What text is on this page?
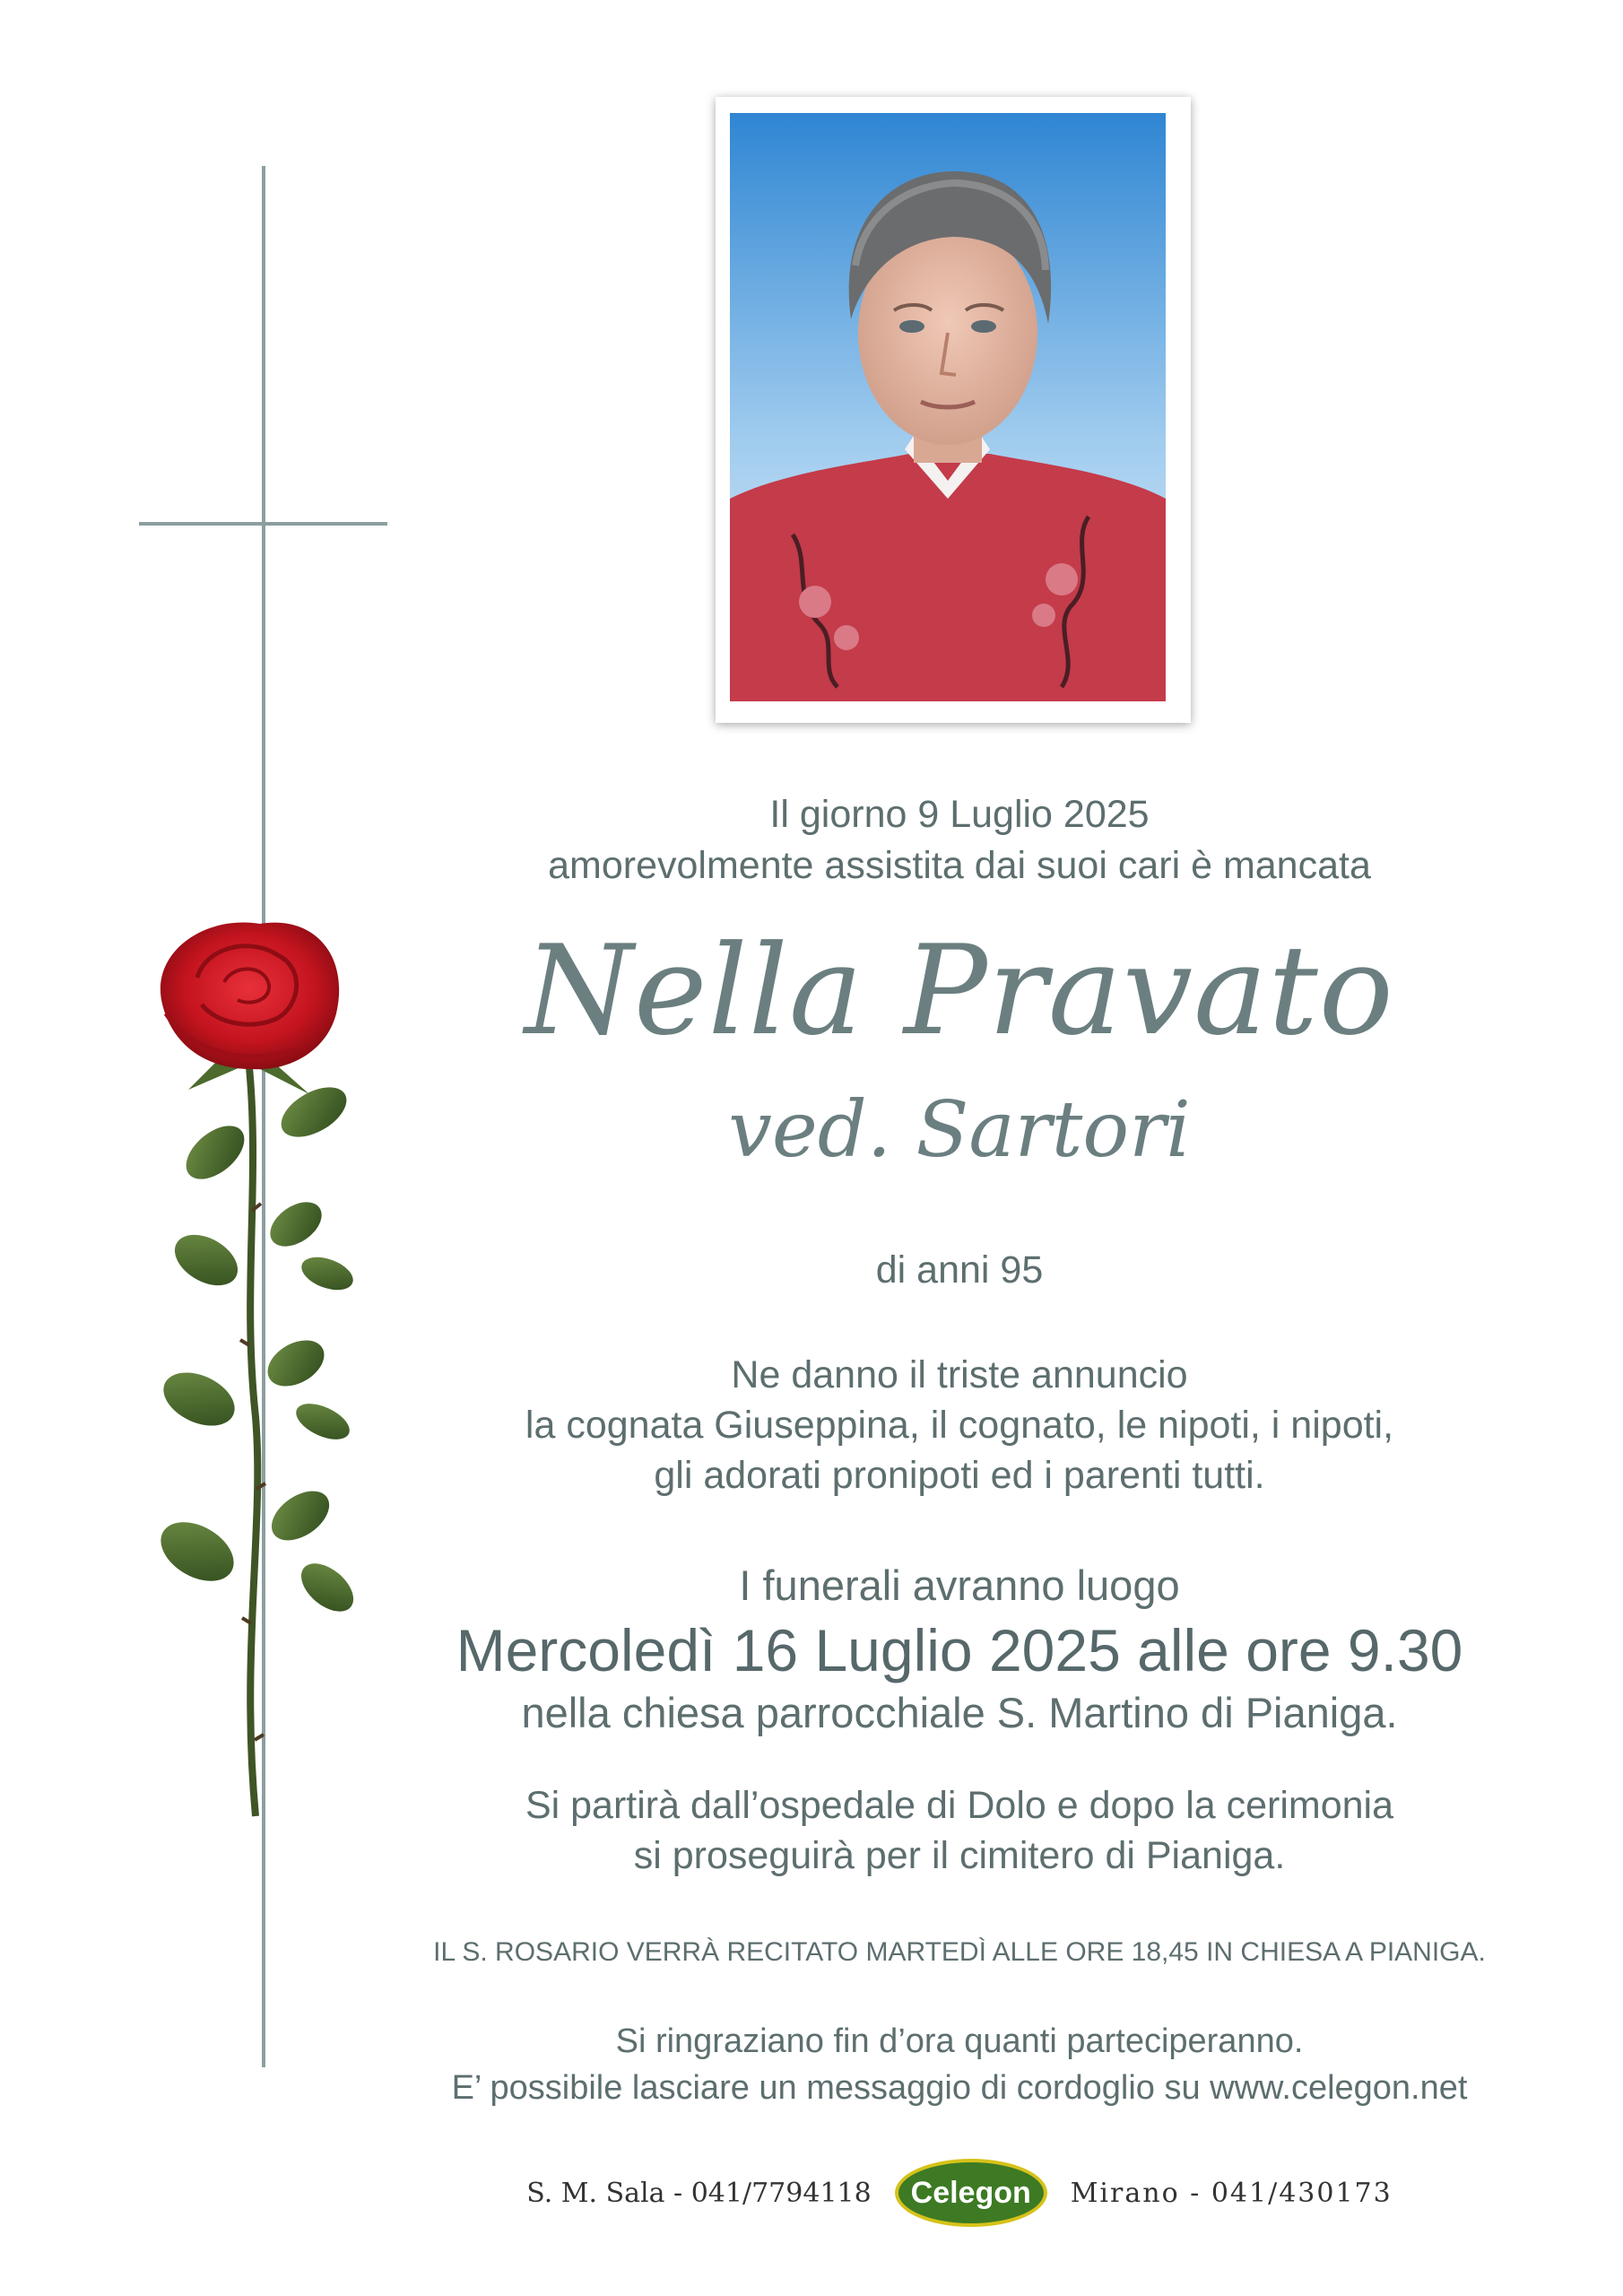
Il giorno 9 Luglio 2025
amorevolmente assistita dai suoi cari è mancata
Nella Pravato
ved. Sartori
di anni 95
Ne danno il triste annuncio
la cognata Giuseppina, il cognato, le nipoti, i nipoti,
gli adorati pronipoti ed i parenti tutti.
I funerali avranno luogo
Mercoledì 16 Luglio 2025 alle ore 9.30
nella chiesa parrocchiale S. Martino di Pianiga.
Si partirà dall’ospedale di Dolo e dopo la cerimonia
si proseguirà per il cimitero di Pianiga.
IL S. ROSARIO VERRÀ RECITATO MARTEDÌ ALLE ORE 18,45 IN CHIESA A PIANIGA.
Si ringraziano fin d’ora quanti parteciperanno.
E’ possibile lasciare un messaggio di cordoglio su www.celegon.net
S. M. Sala - 041/7794118 Celegon Mirano - 041/430173
